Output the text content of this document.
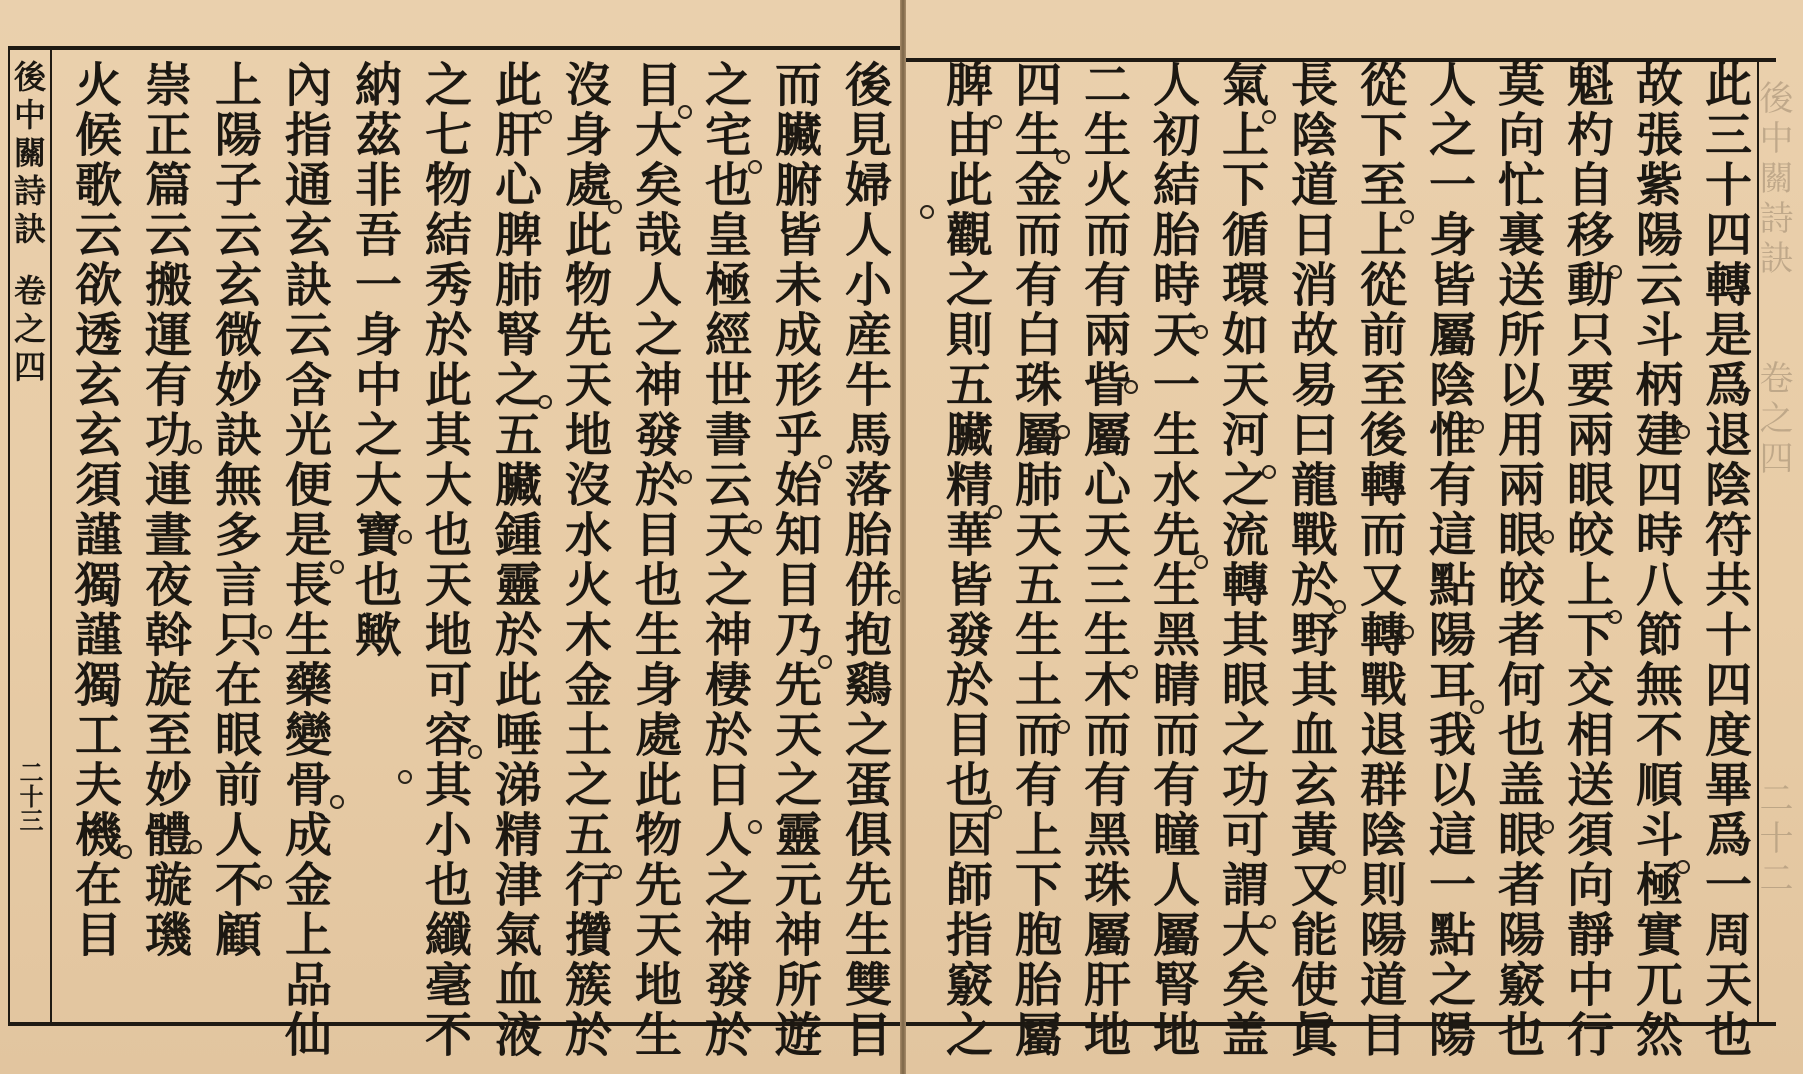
後中關詩訣卷之四
二十三	後見婦人小産牛馬落胎併抱鷄之蛋俱先生雙目
而臟腑皆未成形乎始知目乃先天之靈元神所遊
之宅也皇極經世書云天之神棲於日人之神發於
目大矣哉人之神發於目也生身處此物先天地生
沒身處此物先天地沒水火木金土之五行攢簇於
此肝心脾肺腎之五臟鍾靈於此唾涕精津氣血液
之七物結秀於此其大也天地可容其小也纖毫不
納茲非吾一身中之大寶也歟
內指通玄訣云含光便是長生藥變骨成金上品仙
上陽子云玄微妙訣無多言只在眼前人不顧
崇正篇云搬運有功連晝夜斡旋至妙體璇璣
火候歌云欲透玄玄須謹獨謹獨工夫機在目	後中關詩訣卷之四二十二
此三十四轉是爲退陰符共十四度畢爲一周天也
故張紫陽云斗柄建四時八節無不順斗極實兀然
魁杓自移動只要兩眼皎上下交相送須向靜中行
莫向忙裏送所以用兩眼皎者何也盖眼者陽竅也
人之一身皆屬陰惟有這點陽耳我以這一點之陽
從下至上從前至後轉而又轉戰退群陰則陽道日
長陰道日消故易曰龍戰於野其血玄黃又能使眞
氣上下循環如天河之流轉其眼之功可謂大矣盖
人初結胎時天一生水先生黑睛而有瞳人屬腎地
二生火而有兩眥屬心天三生木而有黑珠屬肝地
四生金而有白珠屬肺天五生土而有上下胞胎屬
脾由此觀之則五臟精華皆發於目也因師指竅之
